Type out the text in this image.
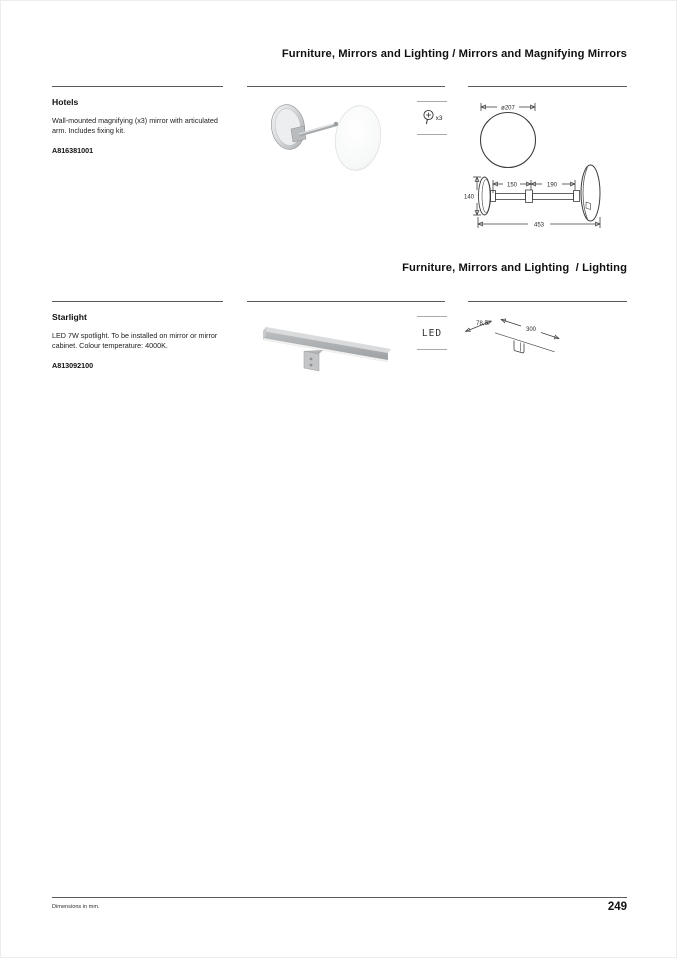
Furniture, Mirrors and Lighting / Mirrors and Magnifying Mirrors
Hotels

Wall-mounted magnifying (x3) mirror with articulated arm. Includes fixing kit.

A816381001

x3
ø207
140
150	190
453
Furniture, Mirrors and Lighting  / Lighting
Starlight

LED 7W spotlight. To be installed on mirror or mirror cabinet. Colour temperature: 4000K.

A813092100

LED
78,5
300
Dimensions in mm.	249
